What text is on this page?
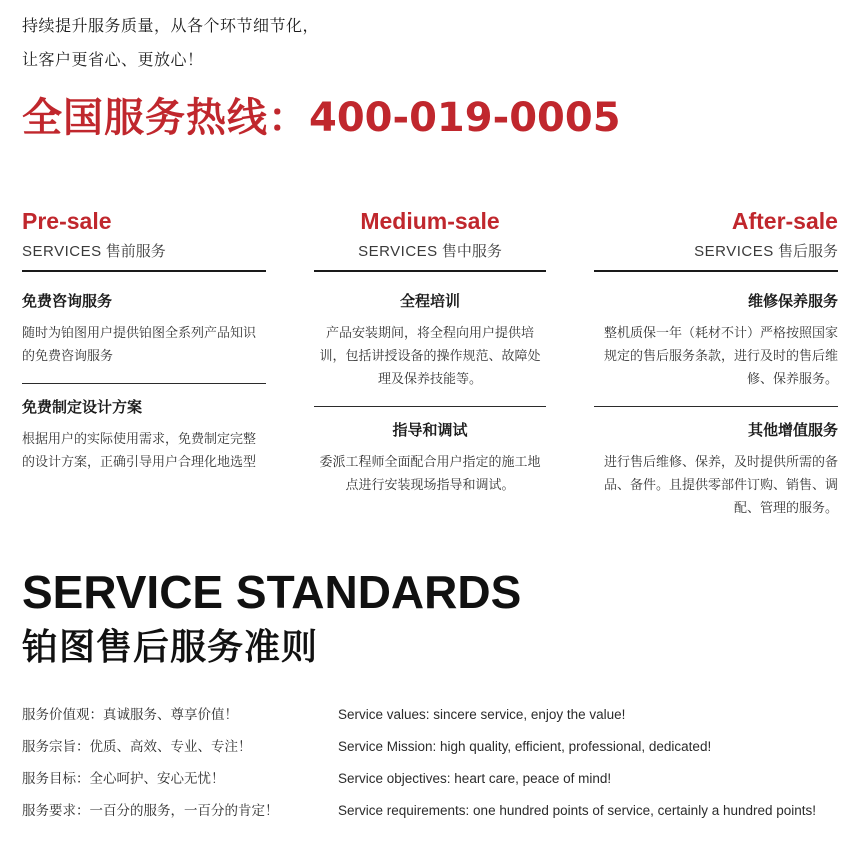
持续提升服务质量，从各个环节细节化，
让客户更省心、更放心！
全国服务热线：400-019-0005
Pre-sale
SERVICES 售前服务
免费咨询服务
随时为铂图用户提供铂图全系列产品知识的免费咨询服务
免费制定设计方案
根据用户的实际使用需求，免费制定完整的设计方案，正确引导用户合理化地选型
Medium-sale
SERVICES 售中服务
全程培训
产品安装期间，将全程向用户提供培训，包括讲授设备的操作规范、故障处理及保养技能等。
指导和调试
委派工程师全面配合用户指定的施工地点进行安装现场指导和调试。
After-sale
SERVICES 售后服务
维修保养服务
整机质保一年（耗材不计）严格按照国家规定的售后服务条款，进行及时的售后维修、保养服务。
其他增值服务
进行售后维修、保养，及时提供所需的备品、备件。且提供零部件订购、销售、调配、管理的服务。
SERVICE STANDARDS
铂图售后服务准则
服务价值观：真诚服务、尊享价值！	Service values: sincere service, enjoy the value!
服务宗旨：优质、高效、专业、专注！	Service Mission: high quality, efficient, professional, dedicated!
服务目标：全心呵护、安心无忧！	Service objectives: heart care, peace of mind!
服务要求：一百分的服务，一百分的肯定！	Service requirements: one hundred points of service, certainly a hundred points!
